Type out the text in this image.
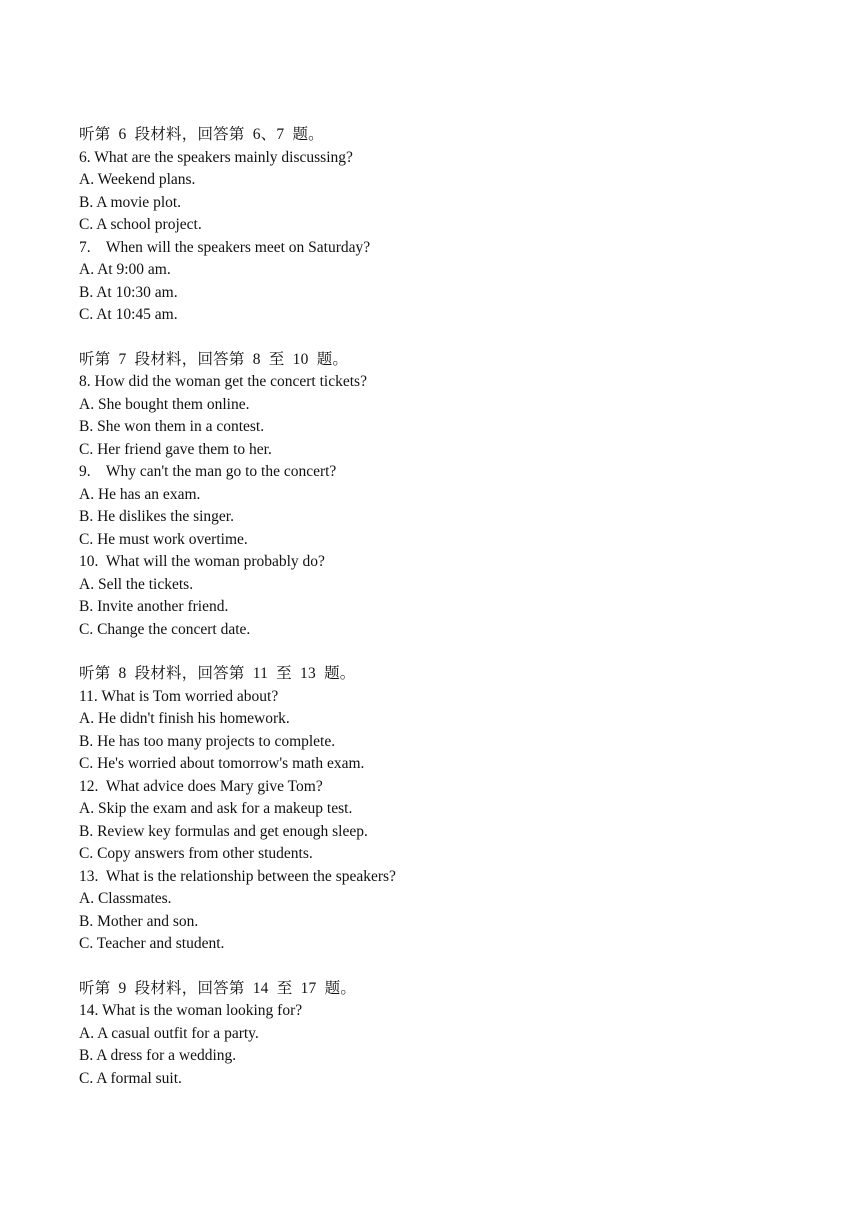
听第  6  段材料，回答第  6、7  题。
6. What are the speakers mainly discussing?
A. Weekend plans.
B. A movie plot.
C. A school project.
7.    When will the speakers meet on Saturday?
A. At 9:00 am.
B. At 10:30 am.
C. At 10:45 am.
听第  7  段材料，回答第  8  至  10  题。
8. How did the woman get the concert tickets?
A. She bought them online.
B. She won them in a contest.
C. Her friend gave them to her.
9.    Why can't the man go to the concert?
A. He has an exam.
B. He dislikes the singer.
C. He must work overtime.
10.  What will the woman probably do?
A. Sell the tickets.
B. Invite another friend.
C. Change the concert date.
听第  8  段材料，回答第  11  至  13  题。
11. What is Tom worried about?
A. He didn't finish his homework.
B. He has too many projects to complete.
C. He's worried about tomorrow's math exam.
12.  What advice does Mary give Tom?
A. Skip the exam and ask for a makeup test.
B. Review key formulas and get enough sleep.
C. Copy answers from other students.
13.  What is the relationship between the speakers?
A. Classmates.
B. Mother and son.
C. Teacher and student.
听第  9  段材料，回答第  14  至  17  题。
14. What is the woman looking for?
A. A casual outfit for a party.
B. A dress for a wedding.
C. A formal suit.
